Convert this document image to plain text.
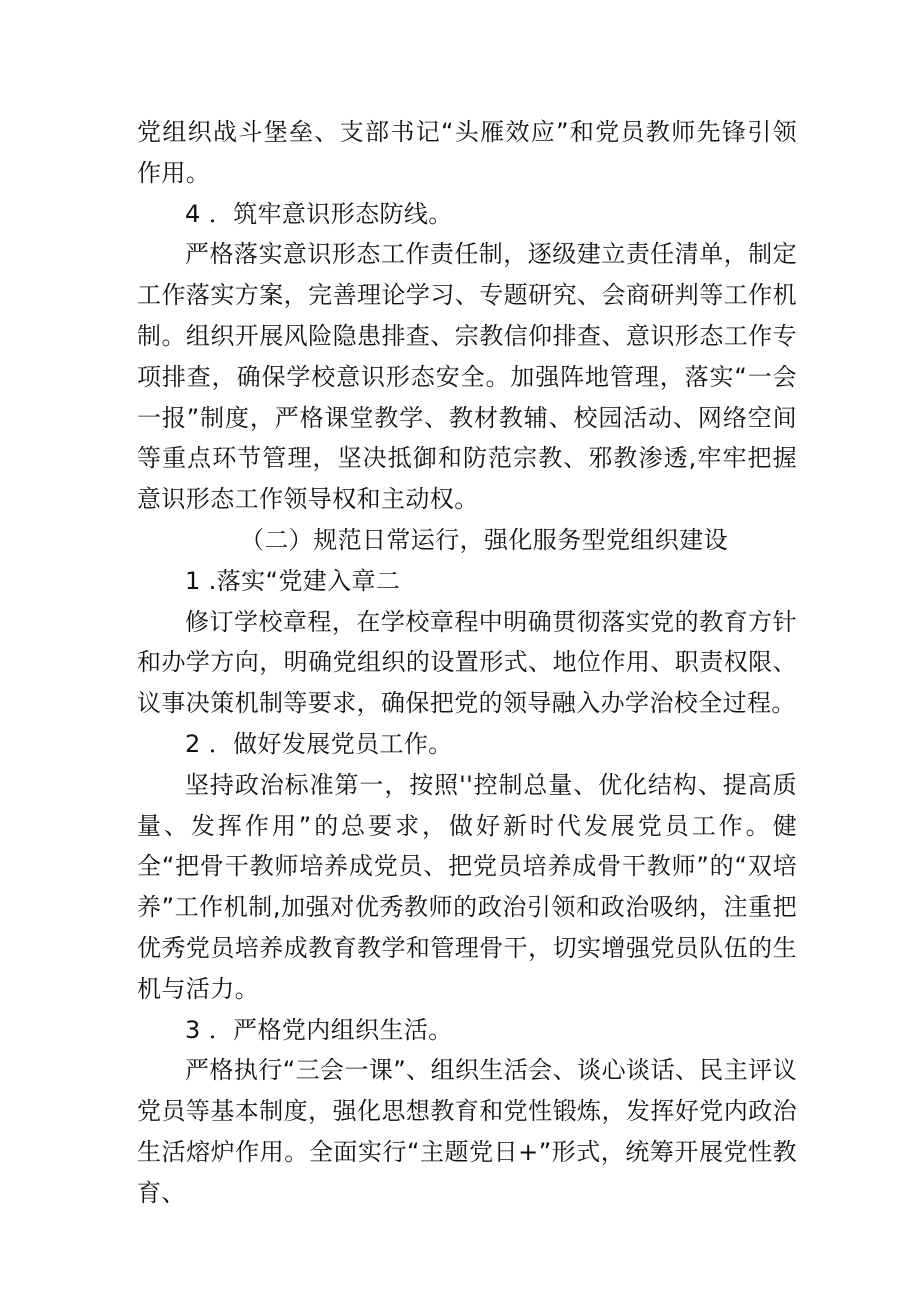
党组织战斗堡垒、支部书记“头雁效应”和党员教师先锋引领作用。

4 ．筑牢意识形态防线。

严格落实意识形态工作责任制，逐级建立责任清单，制定工作落实方案，完善理论学习、专题研究、会商研判等工作机制。组织开展风险隐患排查、宗教信仰排查、意识形态工作专项排查，确保学校意识形态安全。加强阵地管理，落实“一会一报”制度，严格课堂教学、教材教辅、校园活动、网络空间等重点环节管理，坚决抵御和防范宗教、邪教渗透,牢牢把握意识形态工作领导权和主动权。

（二）规范日常运行，强化服务型党组织建设

1 .落实“党建入章二

修订学校章程，在学校章程中明确贯彻落实党的教育方针和办学方向，明确党组织的设置形式、地位作用、职责权限、议事决策机制等要求，确保把党的领导融入办学治校全过程。

2 ．做好发展党员工作。

坚持政治标准第一，按照''控制总量、优化结构、提高质量、发挥作用”的总要求，做好新时代发展党员工作。健全“把骨干教师培养成党员、把党员培养成骨干教师”的“双培养”工作机制,加强对优秀教师的政治引领和政治吸纳，注重把优秀党员培养成教育教学和管理骨干，切实增强党员队伍的生机与活力。

3 ．严格党内组织生活。

严格执行“三会一课”、组织生活会、谈心谈话、民主评议党员等基本制度，强化思想教育和党性锻炼，发挥好党内政治生活熔炉作用。全面实行“主题党日+”形式，统筹开展党性教育、
